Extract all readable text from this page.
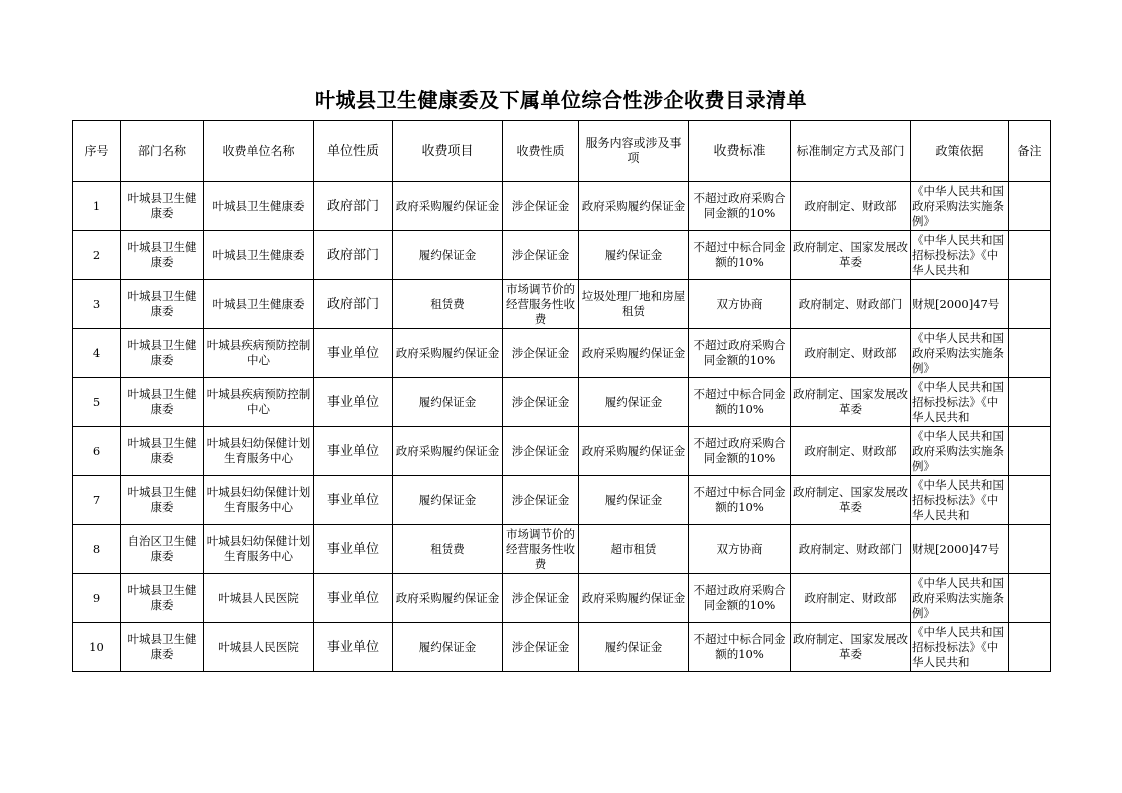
叶城县卫生健康委及下属单位综合性涉企收费目录清单
序号	部门名称	收费单位名称	单位性质	收费项目	收费性质	服务内容或涉及事项	收费标准	标准制定方式及部门	政策依据	备注
1	叶城县卫生健康委	叶城县卫生健康委	政府部门	政府采购履约保证金	涉企保证金	政府采购履约保证金	不超过政府采购合同金额的10%	政府制定、财政部	《中华人民共和国政府采购法实施条例》	

2	叶城县卫生健康委	叶城县卫生健康委	政府部门	履约保证金	涉企保证金	履约保证金	不超过中标合同金额的10%	政府制定、国家发展改革委	《中华人民共和国招标投标法》《中华人民共和	

3	叶城县卫生健康委	叶城县卫生健康委	政府部门	租赁费	市场调节价的经营服务性收费	垃圾处理厂地和房屋租赁	双方协商	政府制定、财政部门	财规[2000]47号	

4	叶城县卫生健康委	叶城县疾病预防控制中心	事业单位	政府采购履约保证金	涉企保证金	政府采购履约保证金	不超过政府采购合同金额的10%	政府制定、财政部	《中华人民共和国政府采购法实施条例》	

5	叶城县卫生健康委	叶城县疾病预防控制中心	事业单位	履约保证金	涉企保证金	履约保证金	不超过中标合同金额的10%	政府制定、国家发展改革委	《中华人民共和国招标投标法》《中华人民共和	

6	叶城县卫生健康委	叶城县妇幼保健计划生育服务中心	事业单位	政府采购履约保证金	涉企保证金	政府采购履约保证金	不超过政府采购合同金额的10%	政府制定、财政部	《中华人民共和国政府采购法实施条例》	

7	叶城县卫生健康委	叶城县妇幼保健计划生育服务中心	事业单位	履约保证金	涉企保证金	履约保证金	不超过中标合同金额的10%	政府制定、国家发展改革委	《中华人民共和国招标投标法》《中华人民共和	

8	自治区卫生健康委	叶城县妇幼保健计划生育服务中心	事业单位	租赁费	市场调节价的经营服务性收费	超市租赁	双方协商	政府制定、财政部门	财规[2000]47号	

9	叶城县卫生健康委	叶城县人民医院	事业单位	政府采购履约保证金	涉企保证金	政府采购履约保证金	不超过政府采购合同金额的10%	政府制定、财政部	《中华人民共和国政府采购法实施条例》	

10	叶城县卫生健康委	叶城县人民医院	事业单位	履约保证金	涉企保证金	履约保证金	不超过中标合同金额的10%	政府制定、国家发展改革委	《中华人民共和国招标投标法》《中华人民共和	
